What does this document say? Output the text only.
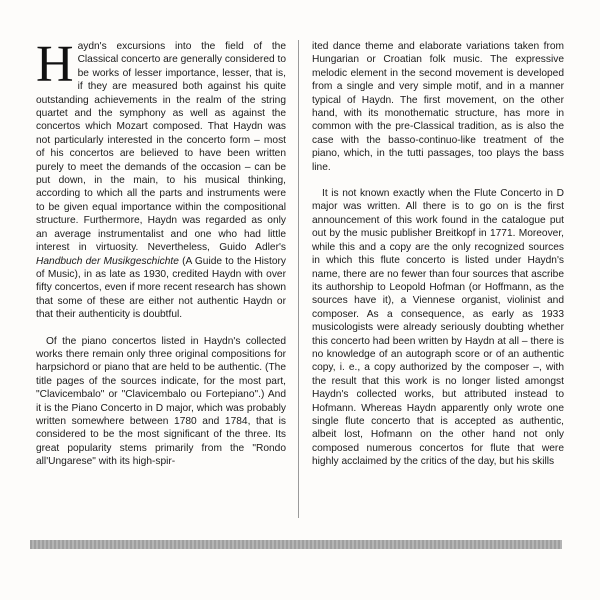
Haydn's excursions into the field of the Classical concerto are generally considered to be works of lesser importance, lesser, that is, if they are measured both against his quite outstanding achievements in the realm of the string quartet and the symphony as well as against the concertos which Mozart composed. That Haydn was not particularly interested in the concerto form – most of his concertos are believed to have been written purely to meet the demands of the occasion – can be put down, in the main, to his musical thinking, according to which all the parts and instruments were to be given equal importance within the compositional structure. Furthermore, Haydn was regarded as only an average instrumentalist and one who had little interest in virtuosity. Nevertheless, Guido Adler's Handbuch der Musikgeschichte (A Guide to the History of Music), in as late as 1930, credited Haydn with over fifty concertos, even if more recent research has shown that some of these are either not authentic Haydn or that their authenticity is doubtful.

Of the piano concertos listed in Haydn's collected works there remain only three original compositions for harpsichord or piano that are held to be authentic. (The title pages of the sources indicate, for the most part, "Clavicembalo" or "Clavicembalo ou Fortepiano".) And it is the Piano Concerto in D major, which was probably written somewhere between 1780 and 1784, that is considered to be the most significant of the three. Its great popularity stems primarily from the "Rondo all'Ungarese" with its high-spir-

ited dance theme and elaborate variations taken from Hungarian or Croatian folk music. The expressive melodic element in the second movement is developed from a single and very simple motif, and in a manner typical of Haydn. The first movement, on the other hand, with its monothematic structure, has more in common with the pre-Classical tradition, as is also the case with the basso-continuo-like treatment of the piano, which, in the tutti passages, too plays the bass line.

It is not known exactly when the Flute Concerto in D major was written. All there is to go on is the first announcement of this work found in the catalogue put out by the music publisher Breitkopf in 1771. Moreover, while this and a copy are the only recognized sources in which this flute concerto is listed under Haydn's name, there are no fewer than four sources that ascribe its authorship to Leopold Hofman (or Hoffmann, as the sources have it), a Viennese organist, violinist and composer. As a consequence, as early as 1933 musicologists were already seriously doubting whether this concerto had been written by Haydn at all – there is no knowledge of an autograph score or of an authentic copy, i. e., a copy authorized by the composer –, with the result that this work is no longer listed amongst Haydn's collected works, but attributed instead to Hofmann. Whereas Haydn apparently only wrote one single flute concerto that is accepted as authentic, albeit lost, Hofmann on the other hand not only composed numerous concertos for flute that were highly acclaimed by the critics of the day, but his skills
